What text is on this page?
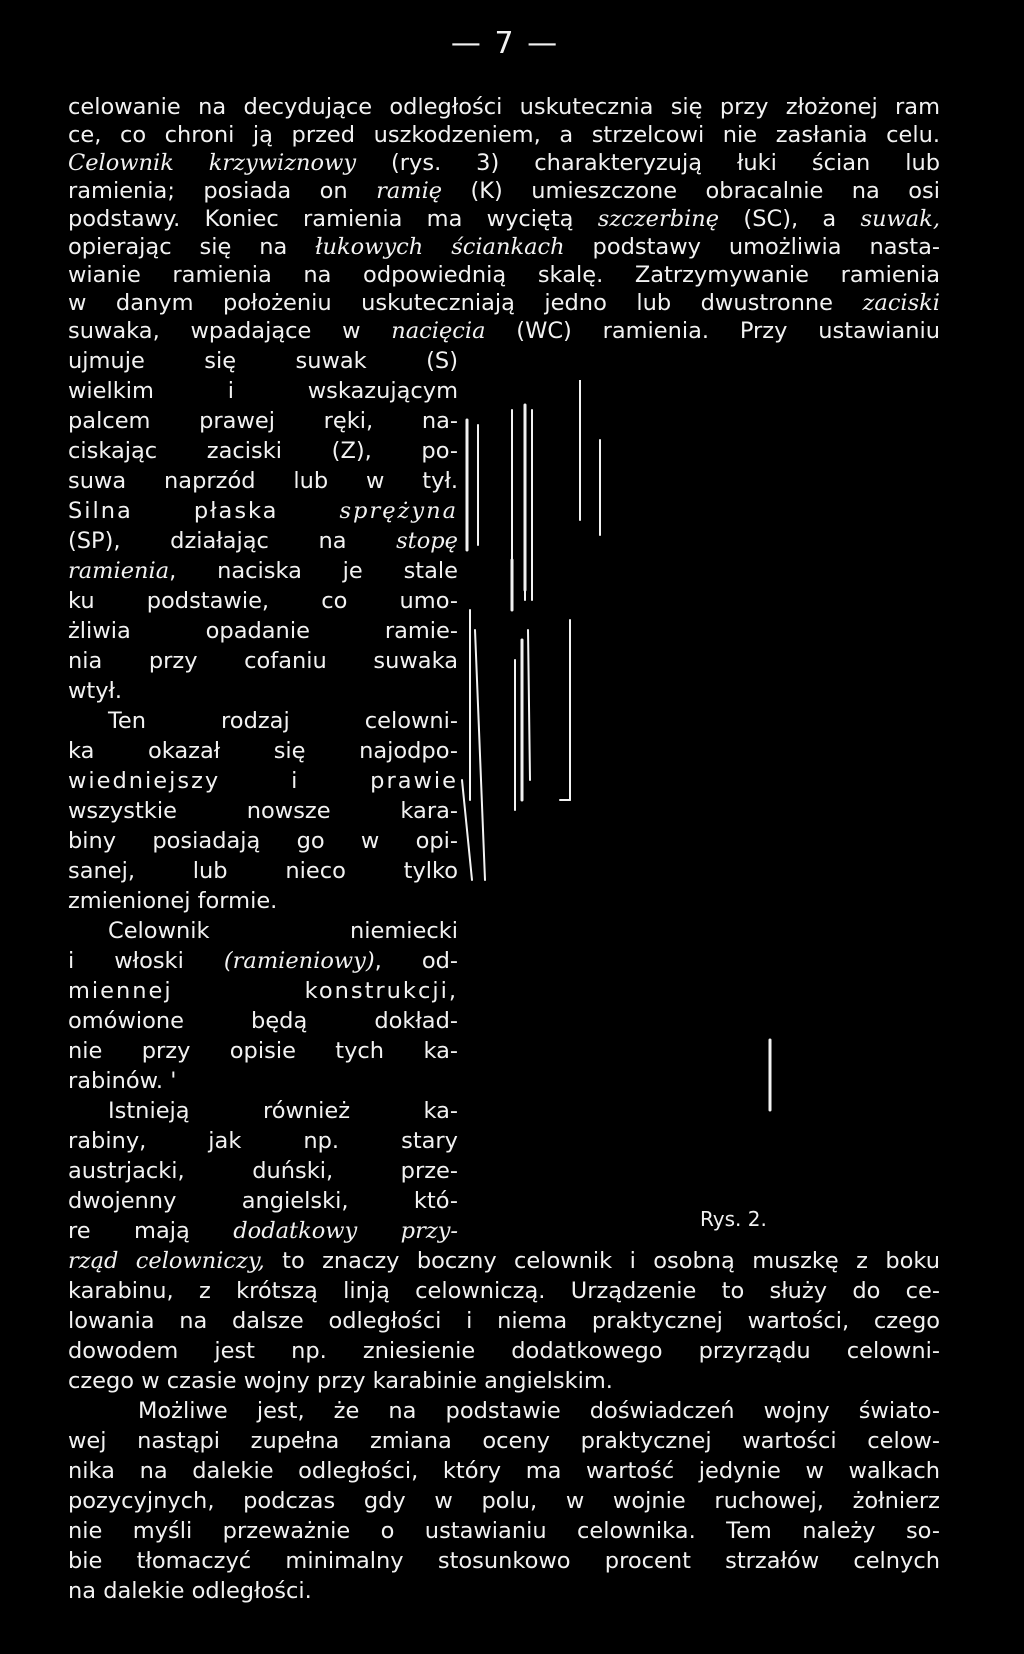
— 7 —
celowanie na decydujące odległości uskutecznia się przy złożonej ram
ce, co chroni ją przed uszkodzeniem, a strzelcowi nie zasłania celu.
Celownik krzywiznowy (rys. 3) charakteryzują łuki ścian lub
ramienia; posiada on ramię (K) umieszczone obracalnie na osi
podstawy. Koniec ramienia ma wyciętą szczerbinę (SC), a suwak,
opierając się na łukowych ściankach podstawy umożliwia nasta-
wianie ramienia na odpowiednią skalę. Zatrzymywanie ramienia
w danym położeniu uskuteczniają jedno lub dwustronne zaciski
suwaka, wpadające w nacięcia (WC) ramienia. Przy ustawianiu
ujmuje się suwak (S)
wielkim i wskazującym
palcem prawej ręki, na-
ciskając zaciski (Z), po-
suwa naprzód lub w tył.
Silna płaska sprężyna
(SP), działając na stopę
ramienia, naciska je stale
ku podstawie, co umo-
żliwia opadanie ramie-
nia przy cofaniu suwaka
wtył.
Ten rodzaj celowni-
ka okazał się najodpo-
wiedniejszy i prawie
wszystkie nowsze kara-
biny posiadają go w opi-
sanej, lub nieco tylko
zmienionej formie.
Celownik niemiecki
i włoski (ramieniowy), od-
miennej konstrukcji,
omówione będą dokład-
nie przy opisie tych ka-
rabinów. '
Istnieją również ka-
rabiny, jak np. stary
austrjacki, duński, prze-
dwojenny angielski, któ-
re mają dodatkowy przy-
rząd celowniczy, to znaczy boczny celownik i osobną muszkę z boku
karabinu, z krótszą linją celowniczą. Urządzenie to służy do ce-
lowania na dalsze odległości i niema praktycznej wartości, czego
dowodem jest np. zniesienie dodatkowego przyrządu celowni-
czego w czasie wojny przy karabinie angielskim.
Możliwe jest, że na podstawie doświadczeń wojny świato-
wej nastąpi zupełna zmiana oceny praktycznej wartości celow-
nika na dalekie odległości, który ma wartość jedynie w walkach
pozycyjnych, podczas gdy w polu, w wojnie ruchowej, żołnierz
nie myśli przeważnie o ustawianiu celownika. Tem należy so-
bie tłomaczyć minimalny stosunkowo procent strzałów celnych
na dalekie odległości.
Rys. 2.
